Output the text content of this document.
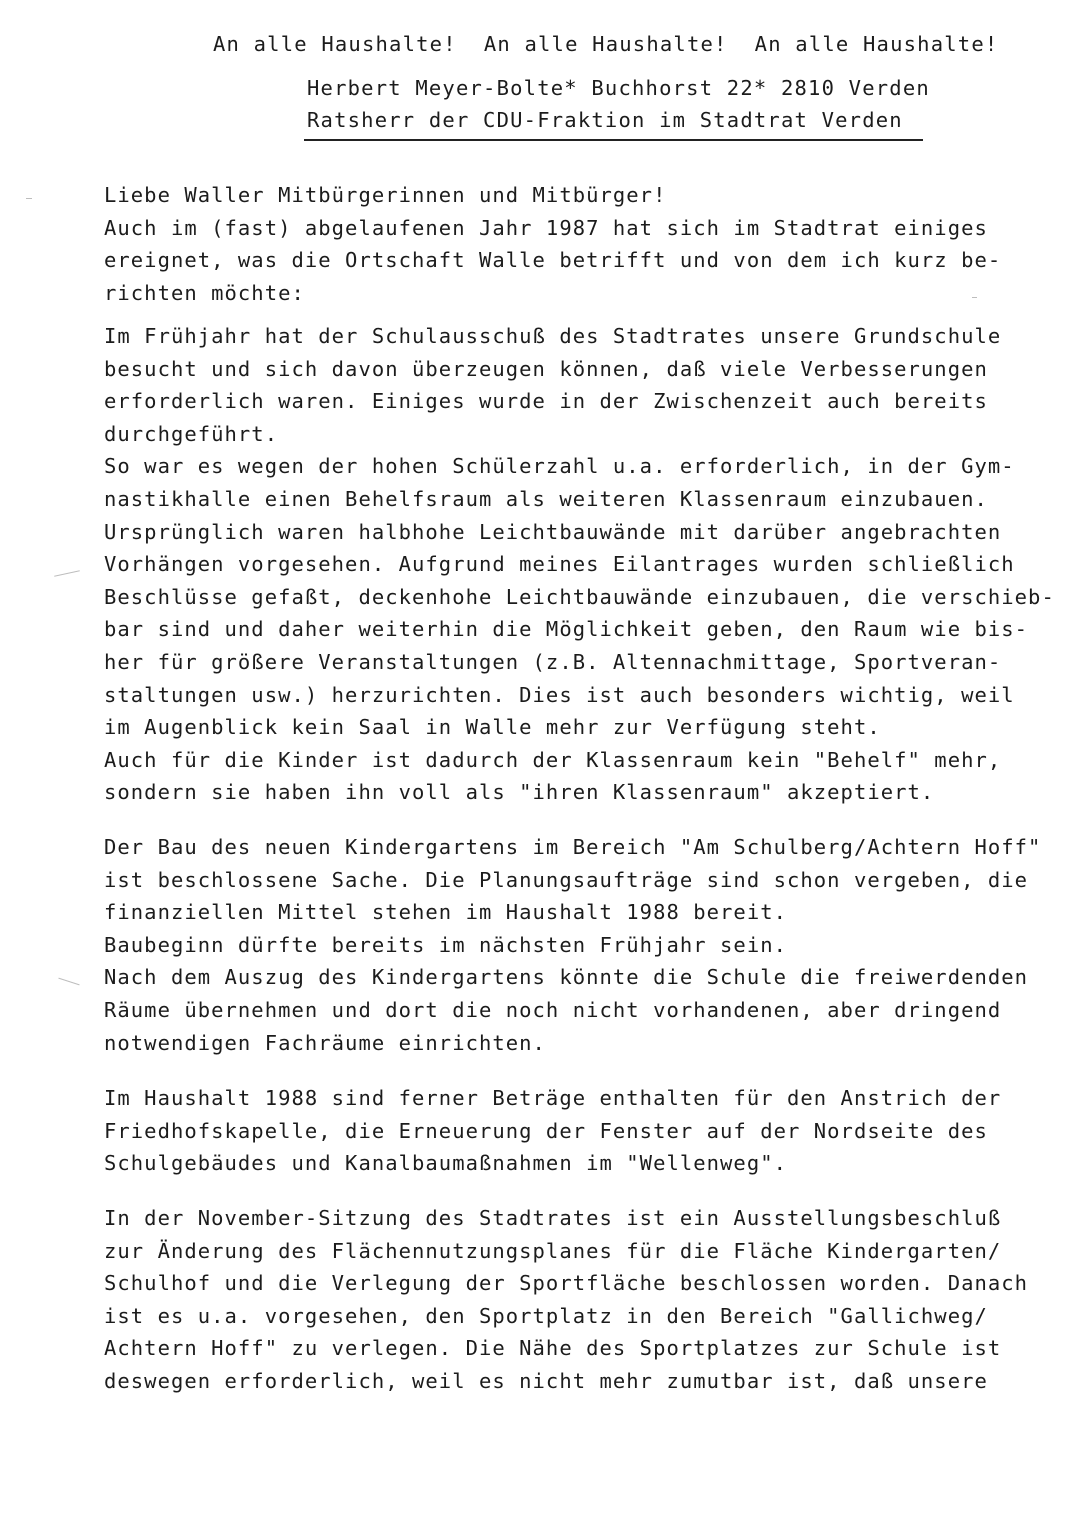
An alle Haushalte!  An alle Haushalte!  An alle Haushalte!
Herbert Meyer-Bolte* Buchhorst 22* 2810 Verden
Ratsherr der CDU-Fraktion im Stadtrat Verden
Liebe Waller Mitbürgerinnen und Mitbürger!
Auch im (fast) abgelaufenen Jahr 1987 hat sich im Stadtrat einiges
ereignet, was die Ortschaft Walle betrifft und von dem ich kurz be-
richten möchte:
Im Frühjahr hat der Schulausschuß des Stadtrates unsere Grundschule
besucht und sich davon überzeugen können, daß viele Verbesserungen
erforderlich waren. Einiges wurde in der Zwischenzeit auch bereits
durchgeführt.
So war es wegen der hohen Schülerzahl u.a. erforderlich, in der Gym-
nastikhalle einen Behelfsraum als weiteren Klassenraum einzubauen.
Ursprünglich waren halbhohe Leichtbauwände mit darüber angebrachten
Vorhängen vorgesehen. Aufgrund meines Eilantrages wurden schließlich
Beschlüsse gefaßt, deckenhohe Leichtbauwände einzubauen, die verschieb-
bar sind und daher weiterhin die Möglichkeit geben, den Raum wie bis-
her für größere Veranstaltungen (z.B. Altennachmittage, Sportveran-
staltungen usw.) herzurichten. Dies ist auch besonders wichtig, weil
im Augenblick kein Saal in Walle mehr zur Verfügung steht.
Auch für die Kinder ist dadurch der Klassenraum kein "Behelf" mehr,
sondern sie haben ihn voll als "ihren Klassenraum" akzeptiert.
Der Bau des neuen Kindergartens im Bereich "Am Schulberg/Achtern Hoff"
ist beschlossene Sache. Die Planungsaufträge sind schon vergeben, die
finanziellen Mittel stehen im Haushalt 1988 bereit.
Baubeginn dürfte bereits im nächsten Frühjahr sein.
Nach dem Auszug des Kindergartens könnte die Schule die freiwerdenden
Räume übernehmen und dort die noch nicht vorhandenen, aber dringend
notwendigen Fachräume einrichten.
Im Haushalt 1988 sind ferner Beträge enthalten für den Anstrich der
Friedhofskapelle, die Erneuerung der Fenster auf der Nordseite des
Schulgebäudes und Kanalbaumaßnahmen im "Wellenweg".
In der November-Sitzung des Stadtrates ist ein Ausstellungsbeschluß
zur Änderung des Flächennutzungsplanes für die Fläche Kindergarten/
Schulhof und die Verlegung der Sportfläche beschlossen worden. Danach
ist es u.a. vorgesehen, den Sportplatz in den Bereich "Gallichweg/
Achtern Hoff" zu verlegen. Die Nähe des Sportplatzes zur Schule ist
deswegen erforderlich, weil es nicht mehr zumutbar ist, daß unsere
